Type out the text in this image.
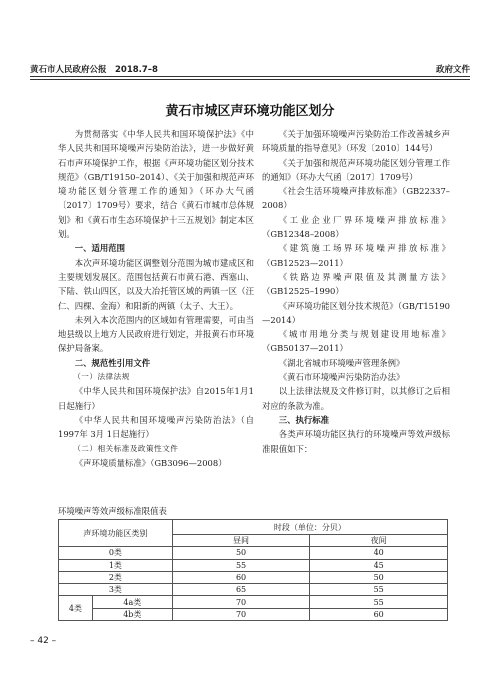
黄石市人民政府公报　2018.7–8	政府文件
黄石市城区声环境功能区划分

为贯彻落实《中华人民共和国环境保护法》《中华人民共和国环境噪声污染防治法》，进一步做好黄石市声环境保护工作，根据《声环境功能区划分技术规范》（GB/T19150–2014）、《关于加强和规范声环境功能区划分管理工作的通知》（环办大气函〔2017〕1709号）要求，结合《黄石市城市总体规划》和《黄石市生态环境保护十三五规划》制定本区划。

一、适用范围

本次声环境功能区调整划分范围为城市建成区和主要规划发展区。范围包括黄石市黄石港、西塞山、下陆、铁山四区，以及大冶托管区域的两镇一区（汪仁、四棵、金海）和阳新的两镇（太子、大王）。

未列入本次范围内的区域如有管理需要，可由当地县级以上地方人民政府进行划定，并报黄石市环境保护局备案。

二、规范性引用文件

（一）法律法规

《中华人民共和国环境保护法》自2015年1月1日起施行）

《中华人民共和国环境噪声污染防治法》（自 1997年 3月 1日起施行）

（二）相关标准及政策性文件

《声环境质量标准》（GB3096—2008）

《关于加强环境噪声污染防治工作改善城乡声环境质量的指导意见》（环发〔2010〕144号）

《关于加强和规范声环境功能区划分管理工作的通知》（环办大气函〔2017〕1709号）

《社会生活环境噪声排放标准》（GB22337–2008）

《工业企业厂界环境噪声排放标准》（GB12348–2008）

《建筑施工场界环境噪声排放标准》（GB12523—2011）

《铁路边界噪声限值及其测量方法》（GB12525–1990）

《声环境功能区划分技术规范》（GB/T15190—2014）

《城市用地分类与规划建设用地标准》（GB50137—2011）

《湖北省城市环境噪声管理条例》

《黄石市环境噪声污染防治办法》

以上法律法规及文件修订时，以其修订之后相对应的条款为准。

三、执行标准

各类声环境功能区执行的环境噪声等效声级标准限值如下：

环境噪声等效声级标准限值表
声环境功能区类别		时段（单位：分贝）	
		昼间	夜间
0类		50	40
1类		55	45
2类		60	50
3类		65	55
4类	4a类	70	55
	4b类	70	60
– 42 –
